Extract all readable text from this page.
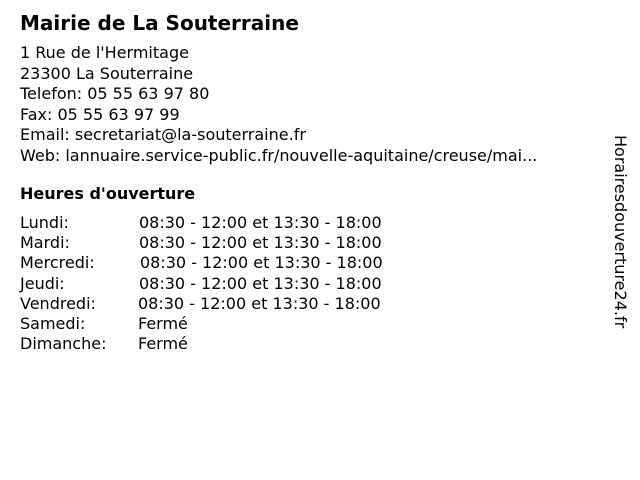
Mairie de La Souterraine
1 Rue de l'Hermitage
23300 La Souterraine
Telefon: 05 55 63 97 80
Fax: 05 55 63 97 99
Email: secretariat@la-souterraine.fr
Web: lannuaire.service-public.fr/nouvelle-aquitaine/creuse/mai...
Heures d'ouverture
Lundi:	08:30 - 12:00 et 13:30 - 18:00
Mardi:	08:30 - 12:00 et 13:30 - 18:00
Mercredi:	08:30 - 12:00 et 13:30 - 18:00
Jeudi:	08:30 - 12:00 et 13:30 - 18:00
Vendredi:	08:30 - 12:00 et 13:30 - 18:00
Samedi:	Fermé
Dimanche: Fermé
Horairesdouverture24.fr
